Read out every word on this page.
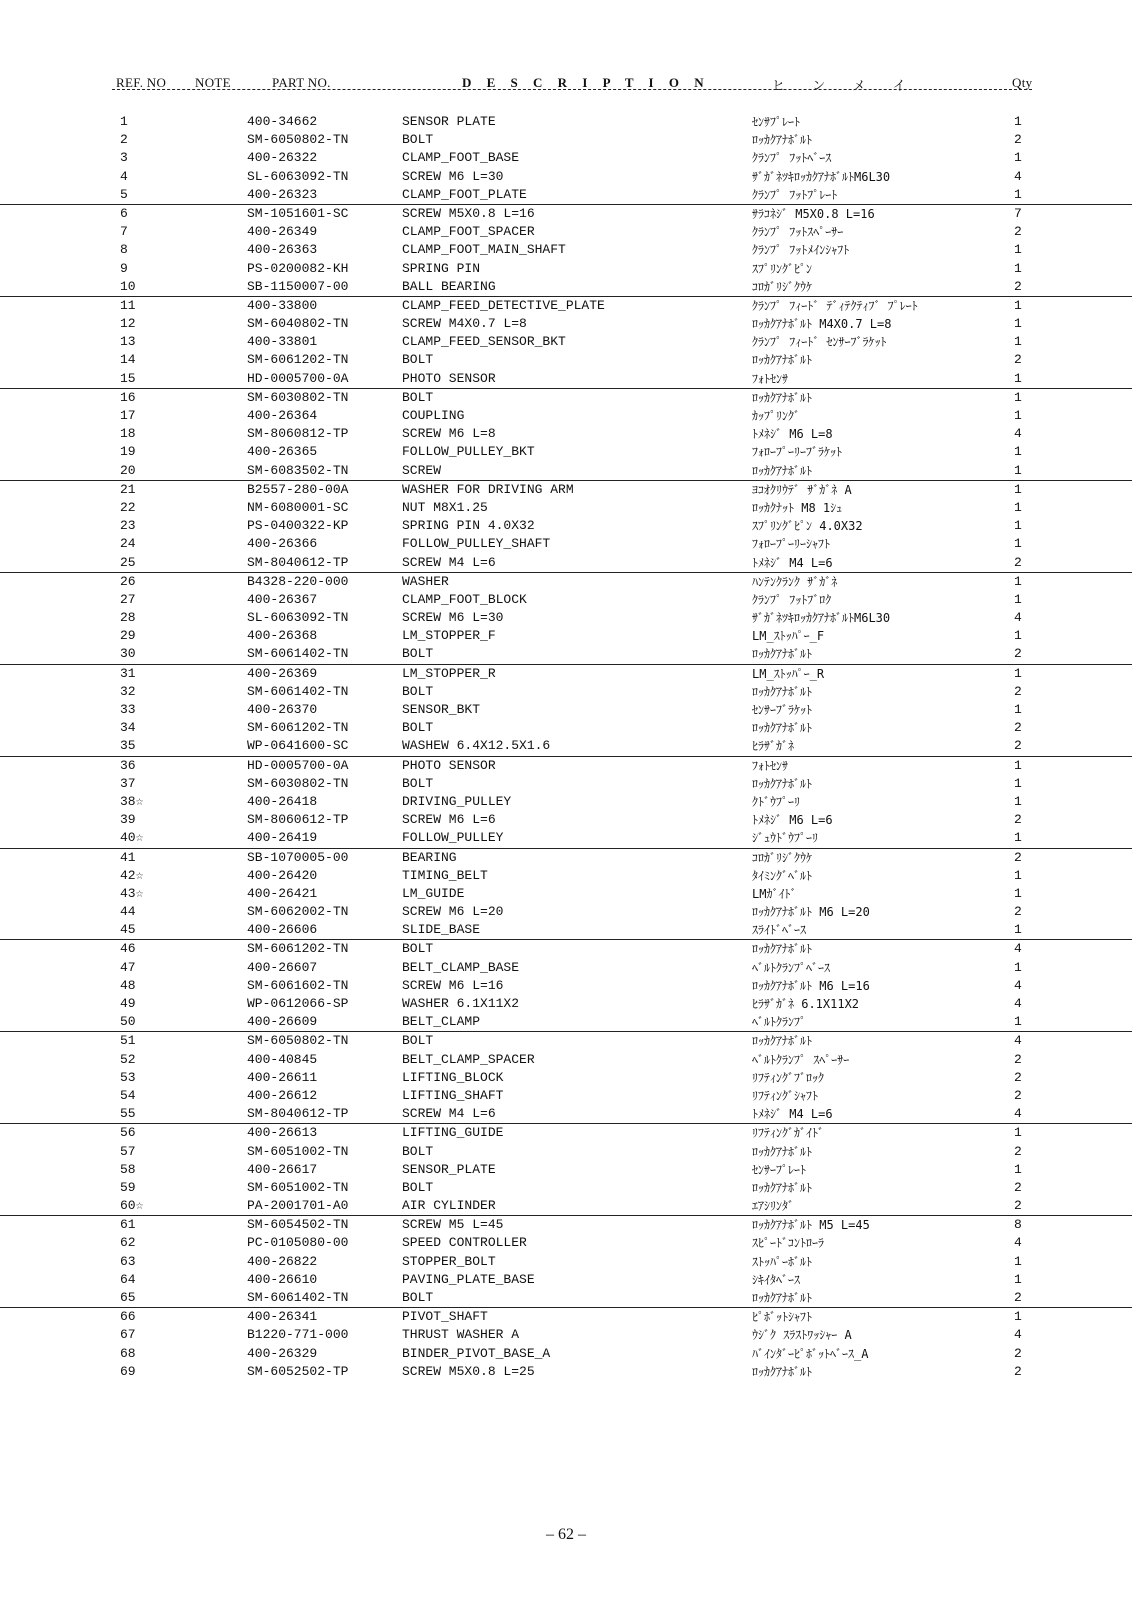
REF. NO NOTE	PART NO.	D E S C R I P T I O N	ヒ ン メ イ	Qty
1	400-34662	SENSOR PLATE	ｾﾝｻﾌﾟﾚｰﾄ	1
2	SM-6050802-TN	BOLT	ﾛｯｶｸｱﾅﾎﾞﾙﾄ	2
3	400-26322	CLAMP_FOOT_BASE	ｸﾗﾝﾌﾟ ﾌｯﾄﾍﾞｰｽ	1
4	SL-6063092-TN	SCREW M6 L=30	ｻﾞｶﾞﾈﾂｷﾛｯｶｸｱﾅﾎﾞﾙﾄM6L30	4
5	400-26323	CLAMP_FOOT_PLATE	ｸﾗﾝﾌﾟ ﾌｯﾄﾌﾟﾚｰﾄ	1
6	SM-1051601-SC	SCREW M5X0.8 L=16	ｻﾗｺﾈｼﾞ M5X0.8 L=16	7
7	400-26349	CLAMP_FOOT_SPACER	ｸﾗﾝﾌﾟ ﾌｯﾄｽﾍﾟｰｻｰ	2
8	400-26363	CLAMP_FOOT_MAIN_SHAFT	ｸﾗﾝﾌﾟ ﾌｯﾄﾒｲﾝｼｬﾌﾄ	1
9	PS-0200082-KH	SPRING PIN	ｽﾌﾟﾘﾝｸﾞﾋﾟﾝ	1
10	SB-1150007-00	BALL BEARING	ｺﾛｶﾞﾘｼﾞｸｳｹ	2
11	400-33800	CLAMP_FEED_DETECTIVE_PLATE	ｸﾗﾝﾌﾟ ﾌｨｰﾄﾞ ﾃﾞｨﾃｸﾃｨﾌﾞ ﾌﾟﾚｰﾄ	1
12	SM-6040802-TN	SCREW M4X0.7 L=8	ﾛｯｶｸｱﾅﾎﾞﾙﾄ M4X0.7 L=8	1
13	400-33801	CLAMP_FEED_SENSOR_BKT	ｸﾗﾝﾌﾟ ﾌｨｰﾄﾞ ｾﾝｻｰﾌﾞﾗｹｯﾄ	1
14	SM-6061202-TN	BOLT	ﾛｯｶｸｱﾅﾎﾞﾙﾄ	2
15	HD-0005700-0A	PHOTO SENSOR	ﾌｫﾄｾﾝｻ	1
16	SM-6030802-TN	BOLT	ﾛｯｶｸｱﾅﾎﾞﾙﾄ	1
17	400-26364	COUPLING	ｶｯﾌﾟﾘﾝｸﾞ	1
18	SM-8060812-TP	SCREW M6 L=8	ﾄﾒﾈｼﾞ M6 L=8	4
19	400-26365	FOLLOW_PULLEY_BKT	ﾌｫﾛｰﾌﾟｰﾘｰﾌﾞﾗｹｯﾄ	1
20	SM-6083502-TN	SCREW	ﾛｯｶｸｱﾅﾎﾞﾙﾄ	1
21	B2557-280-00A	WASHER FOR DRIVING ARM	ﾖｺｵｸﾘｳﾃﾞ ｻﾞｶﾞﾈ A	1
22	NM-6080001-SC	NUT M8X1.25	ﾛｯｶｸﾅｯﾄ M8 1ｼｭ	1
23	PS-0400322-KP	SPRING PIN 4.0X32	ｽﾌﾟﾘﾝｸﾞﾋﾟﾝ 4.0X32	1
24	400-26366	FOLLOW_PULLEY_SHAFT	ﾌｫﾛｰﾌﾟｰﾘｰｼｬﾌﾄ	1
25	SM-8040612-TP	SCREW M4 L=6	ﾄﾒﾈｼﾞ M4 L=6	2
26	B4328-220-000	WASHER	ﾊﾝﾃﾝｸﾗﾝｸ ｻﾞｶﾞﾈ	1
27	400-26367	CLAMP_FOOT_BLOCK	ｸﾗﾝﾌﾟ ﾌｯﾄﾌﾞﾛｸ	1
28	SL-6063092-TN	SCREW M6 L=30	ｻﾞｶﾞﾈﾂｷﾛｯｶｸｱﾅﾎﾞﾙﾄM6L30	4
29	400-26368	LM_STOPPER_F	LM_ｽﾄｯﾊﾟｰ_F	1
30	SM-6061402-TN	BOLT	ﾛｯｶｸｱﾅﾎﾞﾙﾄ	2
31	400-26369	LM_STOPPER_R	LM_ｽﾄｯﾊﾟｰ_R	1
32	SM-6061402-TN	BOLT	ﾛｯｶｸｱﾅﾎﾞﾙﾄ	2
33	400-26370	SENSOR_BKT	ｾﾝｻｰﾌﾞﾗｹｯﾄ	1
34	SM-6061202-TN	BOLT	ﾛｯｶｸｱﾅﾎﾞﾙﾄ	2
35	WP-0641600-SC	WASHEW 6.4X12.5X1.6	ﾋﾗｻﾞｶﾞﾈ	2
36	HD-0005700-0A	PHOTO SENSOR	ﾌｫﾄｾﾝｻ	1
37	SM-6030802-TN	BOLT	ﾛｯｶｸｱﾅﾎﾞﾙﾄ	1
38☆	400-26418	DRIVING_PULLEY	ｸﾄﾞｳﾌﾟｰﾘ	1
39	SM-8060612-TP	SCREW M6 L=6	ﾄﾒﾈｼﾞ M6 L=6	2
40☆	400-26419	FOLLOW_PULLEY	ｼﾞｭｳﾄﾞｳﾌﾟｰﾘ	1
41	SB-1070005-00	BEARING	ｺﾛｶﾞﾘｼﾞｸｳｹ	2
42☆	400-26420	TIMING_BELT	ﾀｲﾐﾝｸﾞﾍﾞﾙﾄ	1
43☆	400-26421	LM_GUIDE	LMｶﾞｲﾄﾞ	1
44	SM-6062002-TN	SCREW M6 L=20	ﾛｯｶｸｱﾅﾎﾞﾙﾄ M6 L=20	2
45	400-26606	SLIDE_BASE	ｽﾗｲﾄﾞﾍﾞｰｽ	1
46	SM-6061202-TN	BOLT	ﾛｯｶｸｱﾅﾎﾞﾙﾄ	4
47	400-26607	BELT_CLAMP_BASE	ﾍﾞﾙﾄｸﾗﾝﾌﾟﾍﾞｰｽ	1
48	SM-6061602-TN	SCREW M6 L=16	ﾛｯｶｸｱﾅﾎﾞﾙﾄ M6 L=16	4
49	WP-0612066-SP	WASHER 6.1X11X2	ﾋﾗｻﾞｶﾞﾈ 6.1X11X2	4
50	400-26609	BELT_CLAMP	ﾍﾞﾙﾄｸﾗﾝﾌﾟ	1
51	SM-6050802-TN	BOLT	ﾛｯｶｸｱﾅﾎﾞﾙﾄ	4
52	400-40845	BELT_CLAMP_SPACER	ﾍﾞﾙﾄｸﾗﾝﾌﾟ ｽﾍﾟｰｻｰ	2
53	400-26611	LIFTING_BLOCK	ﾘﾌﾃｨﾝｸﾞﾌﾞﾛｯｸ	2
54	400-26612	LIFTING_SHAFT	ﾘﾌﾃｨﾝｸﾞｼｬﾌﾄ	2
55	SM-8040612-TP	SCREW M4 L=6	ﾄﾒﾈｼﾞ M4 L=6	4
56	400-26613	LIFTING_GUIDE	ﾘﾌﾃｨﾝｸﾞｶﾞｲﾄﾞ	1
57	SM-6051002-TN	BOLT	ﾛｯｶｸｱﾅﾎﾞﾙﾄ	2
58	400-26617	SENSOR_PLATE	ｾﾝｻｰﾌﾟﾚｰﾄ	1
59	SM-6051002-TN	BOLT	ﾛｯｶｸｱﾅﾎﾞﾙﾄ	2
60☆	PA-2001701-A0	AIR CYLINDER	ｴｱｼﾘﾝﾀﾞ	2
61	SM-6054502-TN	SCREW M5 L=45	ﾛｯｶｸｱﾅﾎﾞﾙﾄ M5 L=45	8
62	PC-0105080-00	SPEED CONTROLLER	ｽﾋﾟｰﾄﾞｺﾝﾄﾛｰﾗ	4
63	400-26822	STOPPER_BOLT	ｽﾄｯﾊﾟｰﾎﾞﾙﾄ	1
64	400-26610	PAVING_PLATE_BASE	ｼｷｲﾀﾍﾞｰｽ	1
65	SM-6061402-TN	BOLT	ﾛｯｶｸｱﾅﾎﾞﾙﾄ	2
66	400-26341	PIVOT_SHAFT	ﾋﾟﾎﾞｯﾄｼｬﾌﾄ	1
67	B1220-771-000	THRUST WASHER A	ｳｼﾞｸ ｽﾗｽﾄﾜｯｼｬｰ A	4
68	400-26329	BINDER_PIVOT_BASE_A	ﾊﾞｲﾝﾀﾞｰﾋﾟﾎﾞｯﾄﾍﾞｰｽ_A	2
69	SM-6052502-TP	SCREW M5X0.8 L=25	ﾛｯｶｸｱﾅﾎﾞﾙﾄ	2
– 62 –
